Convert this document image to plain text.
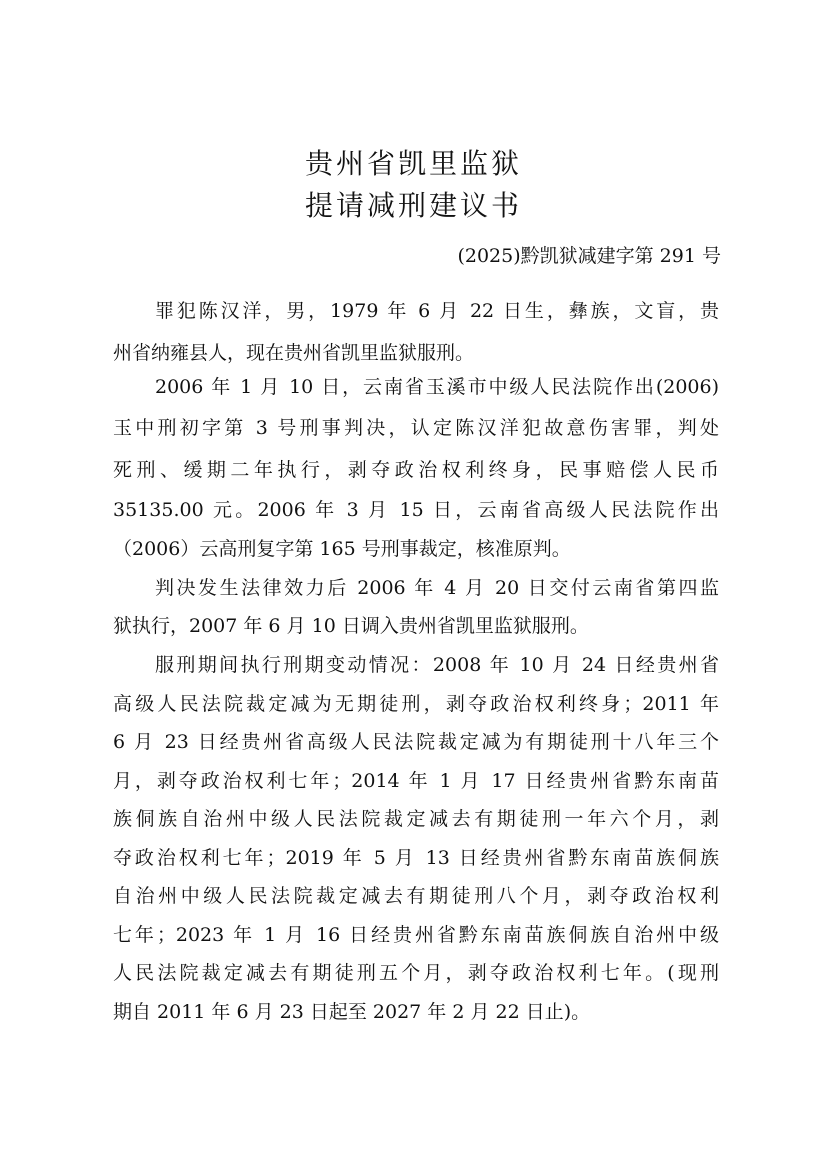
贵州省凯里监狱
提请减刑建议书
(2025)黔凯狱减建字第 291 号
罪犯陈汉洋，男，1979 年 6 月 22 日生，彝族，文盲，贵
州省纳雍县人，现在贵州省凯里监狱服刑。
2006 年 1 月 10 日，云南省玉溪市中级人民法院作出(2006)
玉中刑初字第 3 号刑事判决，认定陈汉洋犯故意伤害罪，判处
死刑、缓期二年执行，剥夺政治权利终身，民事赔偿人民币
35135.00 元。2006 年 3 月 15 日，云南省高级人民法院作出
（2006）云高刑复字第 165 号刑事裁定，核准原判。
判决发生法律效力后 2006 年 4 月 20 日交付云南省第四监
狱执行，2007 年 6 月 10 日调入贵州省凯里监狱服刑。
服刑期间执行刑期变动情况：2008 年 10 月 24 日经贵州省
高级人民法院裁定减为无期徒刑，剥夺政治权利终身；2011 年
6 月 23 日经贵州省高级人民法院裁定减为有期徒刑十八年三个
月，剥夺政治权利七年；2014 年 1 月 17 日经贵州省黔东南苗
族侗族自治州中级人民法院裁定减去有期徒刑一年六个月，剥
夺政治权利七年；2019 年 5 月 13 日经贵州省黔东南苗族侗族
自治州中级人民法院裁定减去有期徒刑八个月，剥夺政治权利
七年；2023 年 1 月 16 日经贵州省黔东南苗族侗族自治州中级
人民法院裁定减去有期徒刑五个月，剥夺政治权利七年。(现刑
期自 2011 年 6 月 23 日起至 2027 年 2 月 22 日止)。
